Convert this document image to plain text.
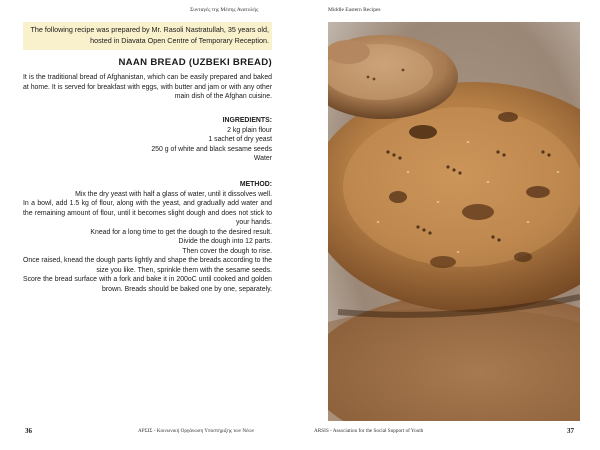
Συνταγές της Μέσης Ανατολής
The following recipe was prepared by Mr. Rasoli Nastratullah, 35 years old, hosted in Diavata Open Centre of Temporary Reception.
NAAN BREAD (UZBEKI BREAD)

It is the traditional bread of Afghanistan, which can be easily prepared and baked at home. It is served for breakfast with eggs, with butter and jam or with any other main dish of the Afghan cuisine.

INGREDIENTS:

2 kg plain flour

1 sachet of dry yeast

250 g of white and black sesame seeds

Water

METHOD:

Mix the dry yeast with half a glass of water, until it dissolves well.

In a bowl, add 1.5 kg of flour, along with the yeast, and gradually add water and the remaining amount of flour, until it becomes slight dough and does not stick to your hands.

Knead for a long time to get the dough to the desired result.

Divide the dough into 12 parts.

Then cover the dough to rise.

Once raised, knead the dough parts lightly and shape the breads according to the size you like. Then, sprinkle them with the sesame seeds.

Score the bread surface with a fork and bake it in 200oC until cooked and golden brown. Breads should be baked one by one, separately.

36	ΑΡΣΙΣ - Κοινωνική Οργάνωση Υποστήριξης των Νέων
Middle Eastern Recipes
ARSIS - Association for the Social Support of Youth	37
